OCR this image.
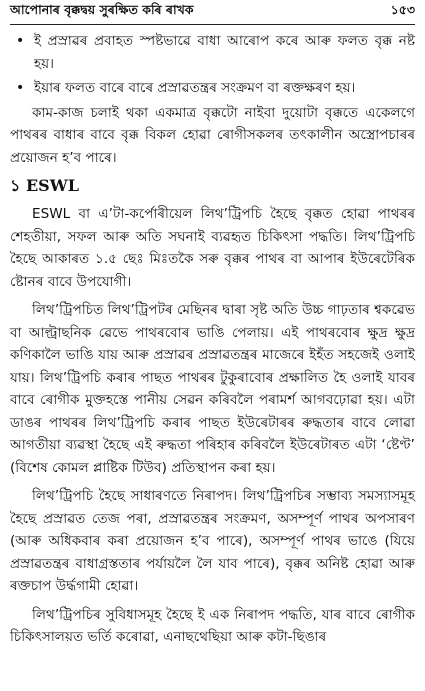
আপোনাৰ বৃক্কদ্বয় সুৰক্ষিত কৰি ৰাখক	১৫৩
• ই প্ৰস্ৰাৱৰ প্ৰবাহত স্পষ্টভাৱে বাধা আৰোপ কৰে আৰু ফলত বৃক্ক নষ্ট হয়।
• ইয়াৰ ফলত বাৰে বাৰে প্ৰস্ৰাৱতন্ত্ৰৰ সংক্ৰমণ বা ৰক্তক্ষৰণ হয়।

কাম-কাজ চলাই থকা একমাত্ৰ বৃক্কটো নাইবা দুয়োটা বৃক্কতে একেলগে পাথৰৰ বাধাৰ বাবে বৃক্ক বিকল হোৱা ৰোগীসকলৰ তৎকালীন অস্ত্ৰোপচাৰৰ প্ৰয়োজন হ’ব পাৰে।

১ ESWL

ESWL বা এ’টা-কৰ্পোৰীয়েল লিথ’ট্ৰিপচি হৈছে বৃক্কত হোৱা পাথৰৰ শেহতীয়া, সফল আৰু অতি সঘনাই ব্যৱহৃত চিকিৎসা পদ্ধতি। লিথ’ট্ৰিপচি হৈছে আকাৰত ১.৫ ছেঃ মিঃতকৈ সৰু বৃক্কৰ পাথৰ বা আপাৰ ইউৰেটেৰিক ষ্টোনৰ বাবে উপযোগী।

লিথ’ট্ৰিপচিত লিথ’ট্ৰিপটৰ মেছিনৰ দ্বাৰা সৃষ্ট অতি উচ্চ গাঢ়তাৰ শ্বকৱেভ বা আল্ট্ৰাছনিক ৱেভে পাথৰবোৰ ভাঙি পেলায়। এই পাথৰবোৰ ক্ষুদ্ৰ ক্ষুদ্ৰ কণিকালৈ ভাঙি যায় আৰু প্ৰস্ৰাৱৰ প্ৰস্ৰাৱতন্ত্ৰৰ মাজেৰে ইহঁত সহজেই ওলাই যায়। লিথ’ট্ৰিপচি কৰাৰ পাছত পাথৰৰ টুকুৰাবোৰ প্ৰক্ষালিত হৈ ওলাই যাবৰ বাবে ৰোগীক মুক্তহস্তে পানীয় সেৱন কৰিবলৈ পৰামৰ্শ আগবঢ়োৱা হয়। এটা ডাঙৰ পাথৰৰ লিথ’ট্ৰিপচি কৰাৰ পাছত ইউৰেটাৰৰ ৰুদ্ধতাৰ বাবে লোৱা আগতীয়া ব্যৱস্থা হৈছে এই ৰুদ্ধতা পৰিহাৰ কৰিবলৈ ইউৰেটাৰত এটা ‘ষ্টেণ্ট’ (বিশেষ কোমল প্লাষ্টিক টিউব) প্ৰতিস্থাপন কৰা হয়।

লিথ’ট্ৰিপচি হৈছে সাধাৰণতে নিৰাপদ। লিথ’ট্ৰিপচিৰ সম্ভাব্য সমস্যাসমূহ হৈছে প্ৰস্ৰাৱত তেজ পৰা, প্ৰস্ৰাৱতন্ত্ৰৰ সংক্ৰমণ, অসম্পূৰ্ণ পাথৰ অপসাৰণ (আৰু অধিকবাৰ কৰা প্ৰয়োজন হ’ব পাৰে), অসম্পূৰ্ণ পাথৰ ভাঙে (যিয়ে প্ৰস্ৰাৱতন্ত্ৰৰ বাধাগ্ৰস্ততাৰ পৰ্যায়লৈ লৈ যাব পাৰে), বৃক্কৰ অনিষ্ট হোৱা আৰু ৰক্তচাপ উৰ্দ্ধগামী হোৱা।

লিথ’ট্ৰিপচিৰ সুবিধাসমূহ হৈছে ই এক নিৰাপদ পদ্ধতি, যাৰ বাবে ৰোগীক চিকিৎসালয়ত ভৰ্তি কৰোৱা, এনাছথেছিয়া আৰু কটা-ছিঙাৰ
